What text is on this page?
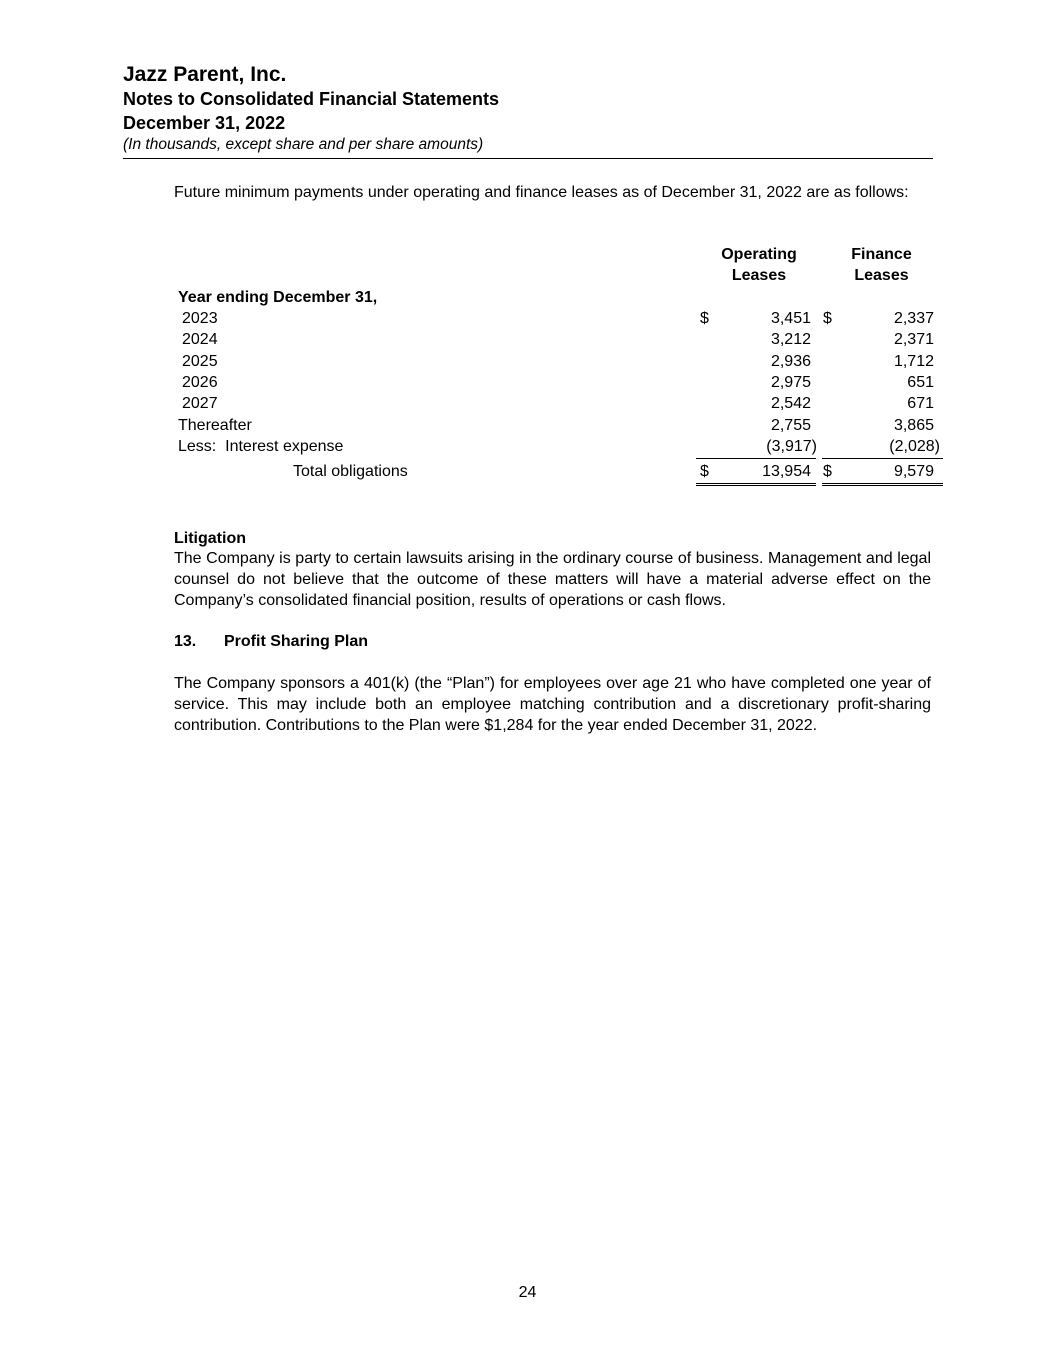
Jazz Parent, Inc.
Notes to Consolidated Financial Statements
December 31, 2022
(In thousands, except share and per share amounts)
Future minimum payments under operating and finance leases as of December 31, 2022 are as follows:
Operating
Leases
Finance
Leases
Year ending December 31,
2023	$	3,451 $	2,337
2024	3,212	2,371
2025	2,936	1,712
2026	2,975	651
2027	2,542	671
Thereafter	2,755	3,865
Less:  Interest expense	(3,917)	(2,028)
Total obligations	$	13,954 $	9,579
Litigation
The Company is party to certain lawsuits arising in the ordinary course of business. Management and legal counsel do not believe that the outcome of these matters will have a material adverse effect on the Company’s consolidated financial position, results of operations or cash flows.
13. Profit Sharing Plan
The Company sponsors a 401(k) (the “Plan”) for employees over age 21 who have completed one year of service. This may include both an employee matching contribution and a discretionary profit-sharing contribution. Contributions to the Plan were $1,284 for the year ended December 31, 2022.
24
